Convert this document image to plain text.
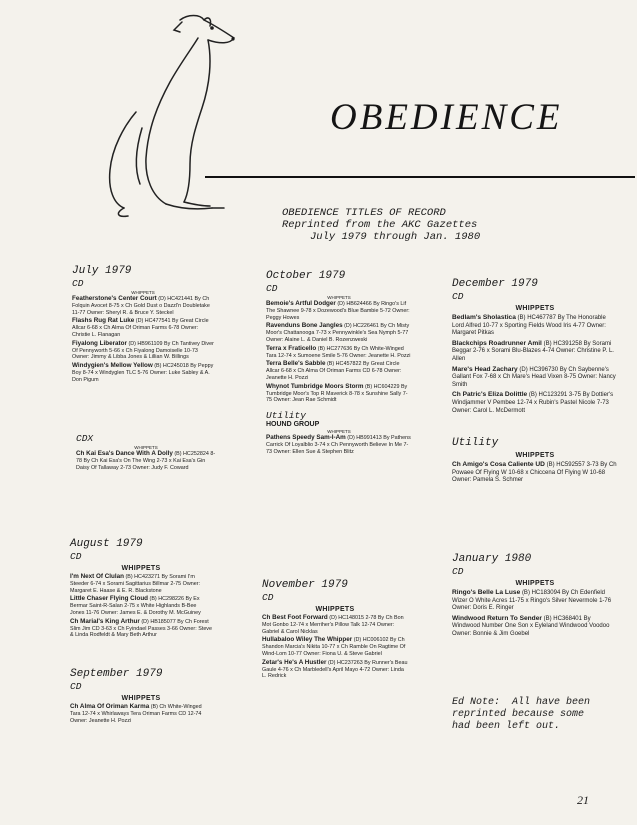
OBEDIENCE
OBEDIENCE TITLES OF RECORD
Reprinted from the AKC Gazettes
July 1979 through Jan. 1980
July 1979
CD
WHIPPETS
Featherstone's Center Court (D) HC421441 By Ch Folquin Avocet 8-75 x Ch Gold Dust o Dazzl'n Doubletake 11-77 Owner: Sheryl R. & Bruce Y. Steckel
Flashs Rug Rat Luke (D) HC477541 By Great Circle Allcar 6-68 x Ch Alma Of Oriman Farms 6-78 Owner: Christie L. Flanagan
Fiyalong Liberator (D) HB961109 By Ch Tantivey Diver Of Pennyworth 5-66 x Ch Fiyalong Damoiselle 10-73 Owner: Jimmy & Libba Jones & Lillian W. Billings
Windygien's Mellow Yellow (B) HC245018 By Peppy Boy 8-74 x Windyglen TLC 5-76 Owner: Luke Sabley & A. Don Pigum
CDX
WHIPPETS
Ch Kai Esa's Dance With A Dolly (B) HC252824 8-78 By Ch Kai Esa's On The Wing 2-73 x Kai Esa's Gin Daisy Of Tallaway 2-73 Owner: Judy F. Coward
August 1979
CD
WHIPPETS
I'm Next Of Clulan (B) HC423271 By Sorami I'm Steeder 6-74 x Sorami Sagittarius Billmar 2-75 Owner: Margaret E. Haase & E. R. Blackstone
Little Chaser Flying Cloud (B) HC298226 By Ex Bermar Saint-R-Salan 2-75 x White Highlands B-Bee Jones 11-76 Owner: James E. & Dorothy M. McGuiney
Ch Marial's King Arthur (D) HB185077 By Ch Forest Slim Jim CD 3-63 x Ch Fyindael Passes 3-66 Owner: Steve & Linda Rodfeldt & Mary Beth Arthur
September 1979
CD
WHIPPETS
Ch Alma Of Oriman Karma (B) Ch White-Winged Tara 12-74 x Whirlaways Tera Oriman Farms CD 12-74 Owner: Jeanette H. Pozzi
October 1979
CD
WHIPPETS
Bemoie's Artful Dodger (D) HB624466 By Ringo's Lif The Shawnee 9-78 x Dozewood's Blue Bambie 5-72 Owner: Peggy Howes
Ravenduns Bone Jangles (D) HC226461 By Ch Misty Moor's Chattanooga 7-73 x Pennywinkle's Sea Nymph 5-77 Owner: Alaine L. & Daniel B. Rozenzweski
Terra x Fraticello (B) HC277636 By Ch White-Winged Tara 12-74 x Sumoene Smile 5-76 Owner: Jeanette H. Pozzi
Terra Belle's Sabble (B) HC457822 By Great Circle Allcar 6-68 x Ch Alma Of Oriman Farms CD 6-78 Owner: Jeanette H. Pozzi
Whynot Tumbridge Moors Storm (B) HC604229 By Tumbridge Moor's Top R Maverick 8-78 x Sunshine Sally 7-75 Owner: Jean Rae Schmidt
Utility
HOUND GROUP
WHIPPETS
Pathens Speedy Sam-I-Am (D) HB991413 By Pathens Carrick Of Loyalblio 3-74 x Ch Pennyworth Believe In Me 7-73 Owner: Ellen Sue & Stephen Blitz
November 1979
CD
WHIPPETS
Ch Best Foot Forward (D) HC148015 2-78 By Ch Bon Mot Gonbo 12-74 x Merriher's Pillow Talk 12-74 Owner: Gabriel & Carol Nicklas
Hullabaloo Wiley The Whipper (D) HC006102 By Ch Shandon Marcia's Nikita 10-77 x Ch Ramble On Ragtime Of Wind-Lom 10-77 Owner: Fiona U. & Steve Gabriel
Zetar's He's A Hustler (D) HC237263 By Runner's Beau Gaule 4-76 x Ch Marbledell's April Mayo 4-72 Owner: Linda L. Redrick
December 1979
CD
WHIPPETS
Bedlam's Sholastica (B) HC467787 By The Honorable Lord Alfred 10-77 x Sporting Fields Wood Iris 4-77 Owner: Margaret Pitkas
Blackchips Roadrunner Amil (B) HC391258 By Sorami Beggar 2-76 x Sorami Blu-Blazes 4-74 Owner: Christine P. L. Allen
Mare's Head Zachary (D) HC396730 By Ch Saybenne's Gallant Fox 7-68 x Ch Mare's Head Vixen 8-75 Owner: Nancy Smith
Ch Patric's Eliza Dolittle (B) HC123291 3-75 By Dottier's Windjammer V Pembee 12-74 x Rubin's Pastel Nicole 7-73 Owner: Carol L. McDermott
Utility
WHIPPETS
Ch Amigo's Cosa Caliente UD (B) HC592557 3-73 By Ch Powaee Of Flying W 10-68 x Chiccena Of Flying W 10-68 Owner: Pamela S. Schmer
January 1980
CD
WHIPPETS
Ringo's Belle La Luse (B) HC183094 By Ch Edenfield Wizer O White Acres 11-75 x Ringo's Silver Nevermole 1-76 Owner: Doris E. Ringer
Windwood Return To Sender (B) HC368401 By Windwood Number One Son x Eyleland Windwood Voodoo Owner: Bonnie & Jim Goebel
Ed Note:  All have been
reprinted because some
had been left out.
21
